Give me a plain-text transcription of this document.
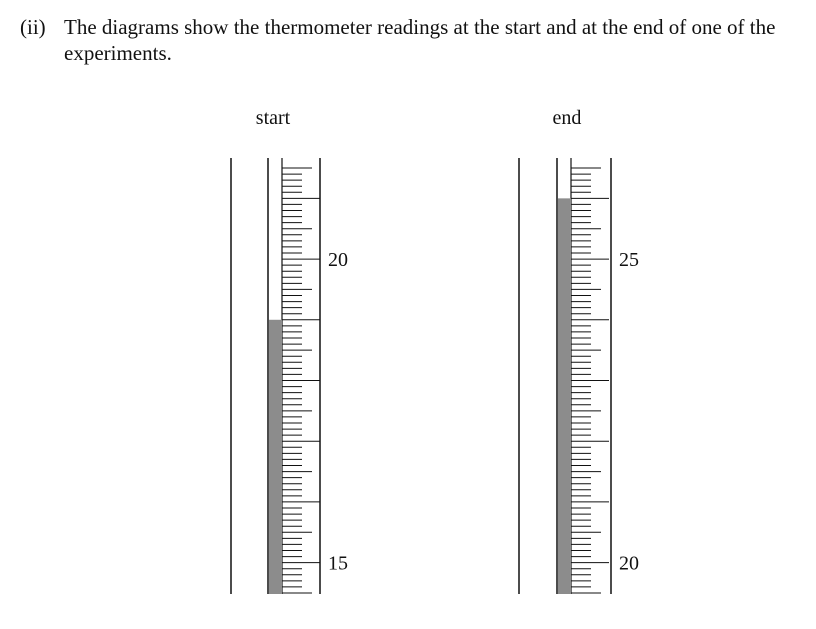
(ii) The diagrams show the thermometer readings at the start and at the end of one of the experiments.
start
20
15
end
25
20
